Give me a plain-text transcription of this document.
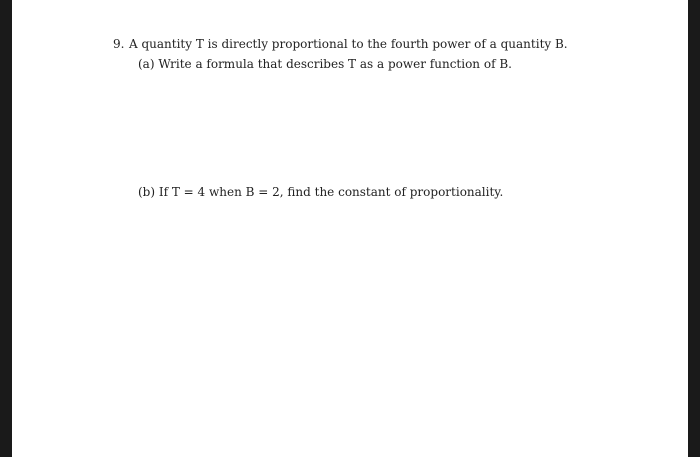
9. A quantity T is directly proportional to the fourth power of a quantity B.
(a) Write a formula that describes T as a power function of B.
(b) If T = 4 when B = 2, find the constant of proportionality.
